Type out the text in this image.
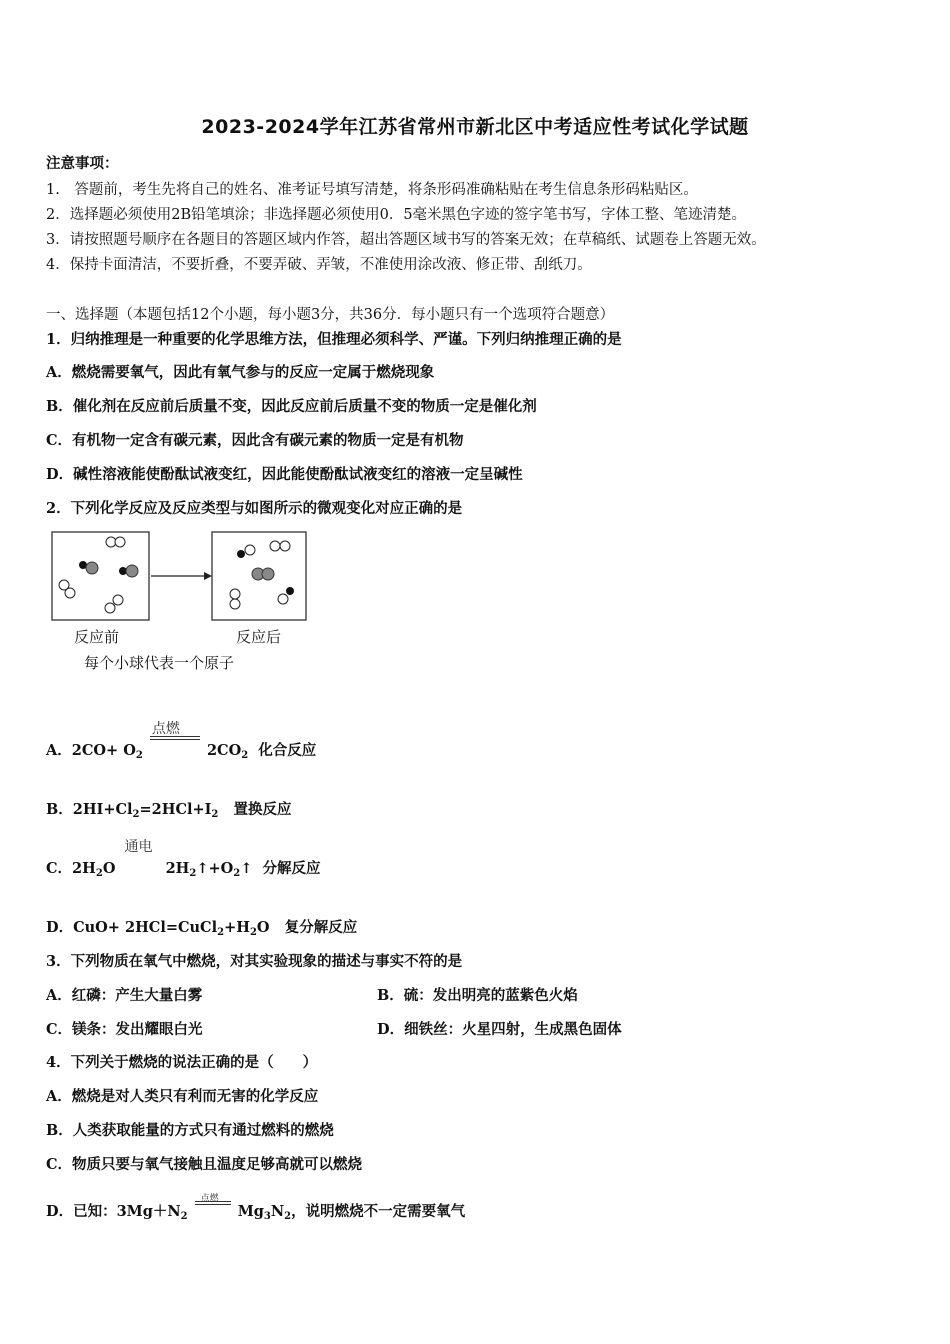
2023-2024学年江苏省常州市新北区中考适应性考试化学试题
注意事项：
1.　答题前，考生先将自己的姓名、准考证号填写清楚，将条形码准确粘贴在考生信息条形码粘贴区。
2．选择题必须使用2B铅笔填涂；非选择题必须使用0．5毫米黑色字迹的签字笔书写，字体工整、笔迹清楚。
3．请按照题号顺序在各题目的答题区域内作答，超出答题区域书写的答案无效；在草稿纸、试题卷上答题无效。
4．保持卡面清洁，不要折叠，不要弄破、弄皱，不准使用涂改液、修正带、刮纸刀。
一、选择题（本题包括12个小题，每小题3分，共36分．每小题只有一个选项符合题意）
1．归纳推理是一种重要的化学思维方法，但推理必须科学、严谨。下列归纳推理正确的是
A．燃烧需要氧气，因此有氧气参与的反应一定属于燃烧现象
B．催化剂在反应前后质量不变，因此反应前后质量不变的物质一定是催化剂
C．有机物一定含有碳元素，因此含有碳元素的物质一定是有机物
D．碱性溶液能使酚酞试液变红，因此能使酚酞试液变红的溶液一定呈碱性
2．下列化学反应及反应类型与如图所示的微观变化对应正确的是
反应前	反应后
每个小球代表一个原子
A．$2CO+ O_2$
点燃
$2CO_2$ 化合反应
B．$2HI+Cl_2=2HCl+I_2$ 置换反应
C．$2H_2O$
通电
$2H_2↑+O_2↑$ 分解反应
D．$CuO+ 2HCl=CuCl_2+H_2O$ 复分解反应
3．下列物质在氧气中燃烧，对其实验现象的描述与事实不符的是
A．红磷：产生大量白雾	B．硫：发出明亮的蓝紫色火焰
C．镁条：发出耀眼白光	D．细铁丝：火星四射，生成黑色固体
4．下列关于燃烧的说法正确的是（　　）
A．燃烧是对人类只有利而无害的化学反应
B．人类获取能量的方式只有通过燃料的燃烧
C．物质只要与氧气接触且温度足够高就可以燃烧
D．已知：$3Mg+N_2$
点燃
$Mg_3N_2$，说明燃烧不一定需要氧气
